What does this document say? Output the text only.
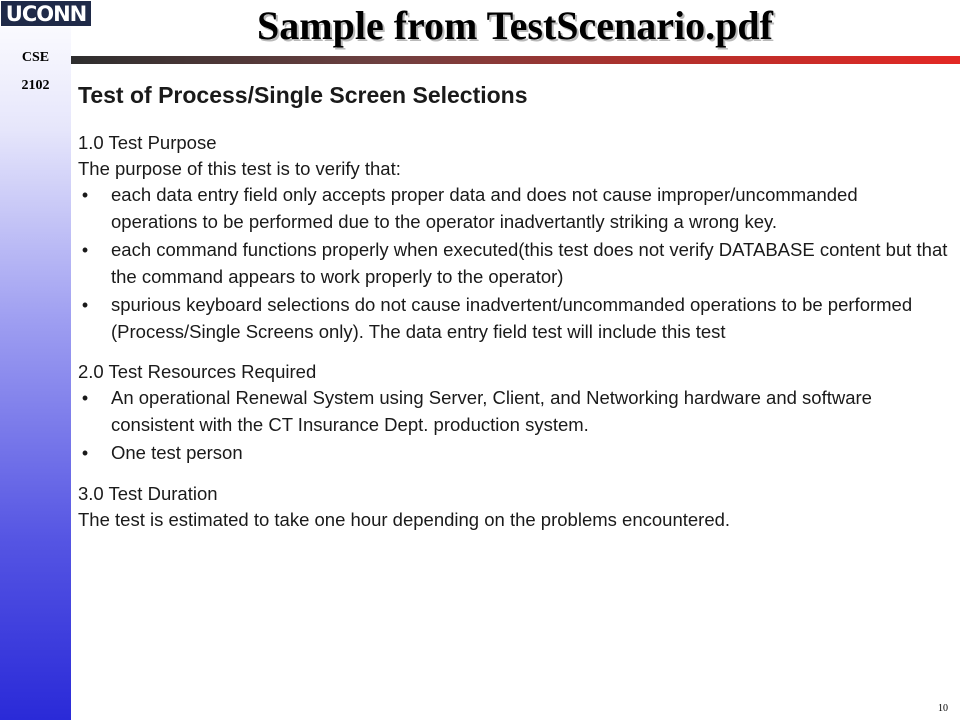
UCONN
CSE
2102
Sample from TestScenario.pdf
Test of Process/Single Screen Selections
1.0 Test Purpose
The purpose of this test is to verify that:
• each data entry field only accepts proper data and does not cause improper/uncommanded operations to be performed due to the operator inadvertantly striking a wrong key.
• each command functions properly when executed(this test does not verify DATABASE content but that the command appears to work properly to the operator)
• spurious keyboard selections do not cause inadvertent/uncommanded operations to be performed (Process/Single Screens only). The data entry field test will include this test
2.0 Test Resources Required
• An operational Renewal System using Server, Client, and Networking hardware and software consistent with the CT Insurance Dept. production system.
• One test person
3.0 Test Duration
The test is estimated to take one hour depending on the problems encountered.
10
